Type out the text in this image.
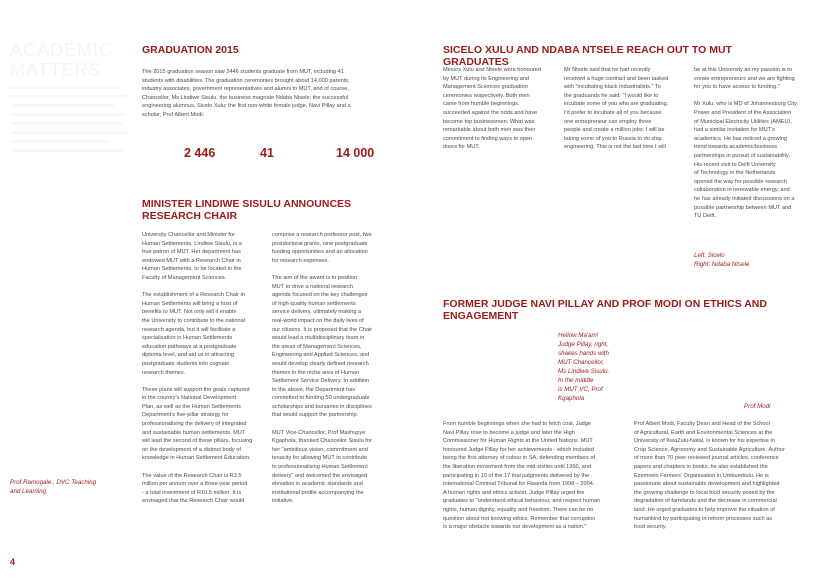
ACADEMIC
MATTERS

Prof Ramogale , DVC Teaching
and Learning

GRADUATION 2015

The 2015 graduation season saw 2446 students graduate from MUT, including 41
students with disabilities. The graduation ceremonies brought about 14,000 parents,
industry associates, government representatives and alumni to MUT, and of course,
Chancellor, Ms Lindiwe Sisulu, the business magnate Ndaba Ntsele; the successful
engineering alumnus, Sicelo Xulu; the first non-white female judge, Navi Pillay and a
scholar, Prof Albert Modi.

2 446	41	14 000
MINISTER LINDIWE SISULU ANNOUNCES
RESEARCH CHAIR

University Chancellor and Minister for
Human Settlements, Lindiwe Sisulu, is a
true patron of MUT. Her department has
endowed MUT with a Research Chair in
Human Settlements, to be located in the
Faculty of Management Sciences.

The establishment of a Research Chair in
Human Settlements will bring a host of
benefits to MUT. Not only will it enable
the University to contribute to the national
research agenda, but it will facilitate a
specialisation in Human Settlements
education pathways at a postgraduate
diploma level, and aid us in attracting
postgraduate students into cognate
research themes.

These plans will support the goals captured
in the country's National Development
Plan, as well as the Human Settlements
Department's five-pillar strategy for
professionalising the delivery of integrated
and sustainable human settlements. MUT
will lead the second of these pillars, focusing
on the development of a distinct body of
knowledge in Human Settlement Education.

The value of the Research Chair is R3.5
million per annum over a three-year period
- a total investment of R10.5 million. It is
envisaged that the Research Chair would

comprise a research professor post, two
postdoctoral grants, nine postgraduate
funding opportunities and an allocation
for research expenses.

The aim of the award is to position
MUT to drive a national research
agenda focused on the key challenges
of high-quality human settlements
service delivery, ultimately making a
real-world impact on the daily lives of
our citizens. It is proposed that the Chair
would lead a multidisciplinary team in
the areas of Management Sciences,
Engineering and Applied Sciences, and
would develop clearly defined research
themes in the niche area of Human
Settlement Service Delivery. In addition
to the above, the Department has
committed to funding 50 undergraduate
scholarships and bursaries in disciplines
that would support the partnership.

MUT Vice-Chancellor, Prof Mashupye
Kgaphola, thanked Chancellor Sisulu for
her "ambitious vision, commitment and
tenacity for allowing MUT to contribute
to professionalising Human Settlement
delivery" and welcomed the envisaged
elevation in academic standards and
institutional profile accompanying the
initiative.

SICELO XULU AND NDABA NTSELE REACH OUT TO MUT GRADUATES

Messrs Xulu and Ntsele were honoured
by MUT during its Engineering and
Management Sciences graduation
ceremonies respectively. Both men
came from humble beginnings,
succeeded against the odds and have
become top businessmen. What was
remarkable about both men was their
commitment to finding ways to open
doors for MUT.

Mr Ntsele said that he had recently
received a huge contract and been tasked
with "incubating black industrialists." To
the graduands he said: "I would like to
incubate some of you who are graduating.
I'd prefer to incubate all of you because
one entrepreneur can employ three
people and create a million jobs. I will be
taking some of you to Russia to do ship
engineering. This is not the last time I will

be at this University as my passion is to
create entrepreneurs and we are fighting
for you to have access to funding."

Mr Xulu, who is MD of Johannesburg City
Power and President of the Association
of Municipal Electricity Utilities (AMEU),
had a similar invitation for MUT's
academics. He has noticed a growing
trend towards academic/business
partnerships in pursuit of sustainability.
His recent visit to Delft University
of Technology in the Netherlands
opened the way for possible research
collaboration in renewable energy, and
he has already initiated discussions on a
possible partnership between MUT and
TU Delft.

Left: Sicelo
Right: Ndaba Ntsele

FORMER JUDGE NAVI PILLAY AND PROF MODI ON ETHICS AND ENGAGEMENT

Hellow Ma'am!
Judge Pillay, right,
shakes hands with
MUT Chancellor,
Ms Lindiwe Sisulu.
In the middle
is MUT VC, Prof
Kgaphola

Prof Modi

From humble beginnings when she had to fetch coal, Judge
Navi Pillay rose to become a judge and later the High
Commissioner for Human Rights at the United Nations. MUT
honoured Judge Pillay for her achievements - which included
being the first attorney of colour in SA, defending members of
the liberation movement from the mid-sixties until 1990, and
participating in 10 of the 17 trial judgments delivered by the
International Criminal Tribunal for Rwanda from 1998 – 2004.
A human rights and ethics activist, Judge Pillay urged the
graduates to "understand ethical behaviour, and respect human
rights, human dignity, equality and freedom. There can be no
question about not knowing ethics. Remember that corruption
is a major obstacle towards our development as a nation."

Prof Albert Modi, Faculty Dean and Head of the School
of Agricultural, Earth and Environmental Sciences at the
University of KwaZulu-Natal, is known for his expertise in
Crop Science, Agronomy and Sustainable Agriculture. Author
of more than 70 peer-reviewed journal articles, conference
papers and chapters in books, he also established the
Ezemvelo Farmers' Organisation in Umbumbulu. He is
passionate about sustainable development and highlighted
the growing challenge to local food security posed by the
degradation of farmlands and the decrease in commercial
land. He urged graduates to help improve the situation of
humankind by participating in reform processes such as
food security.

4
